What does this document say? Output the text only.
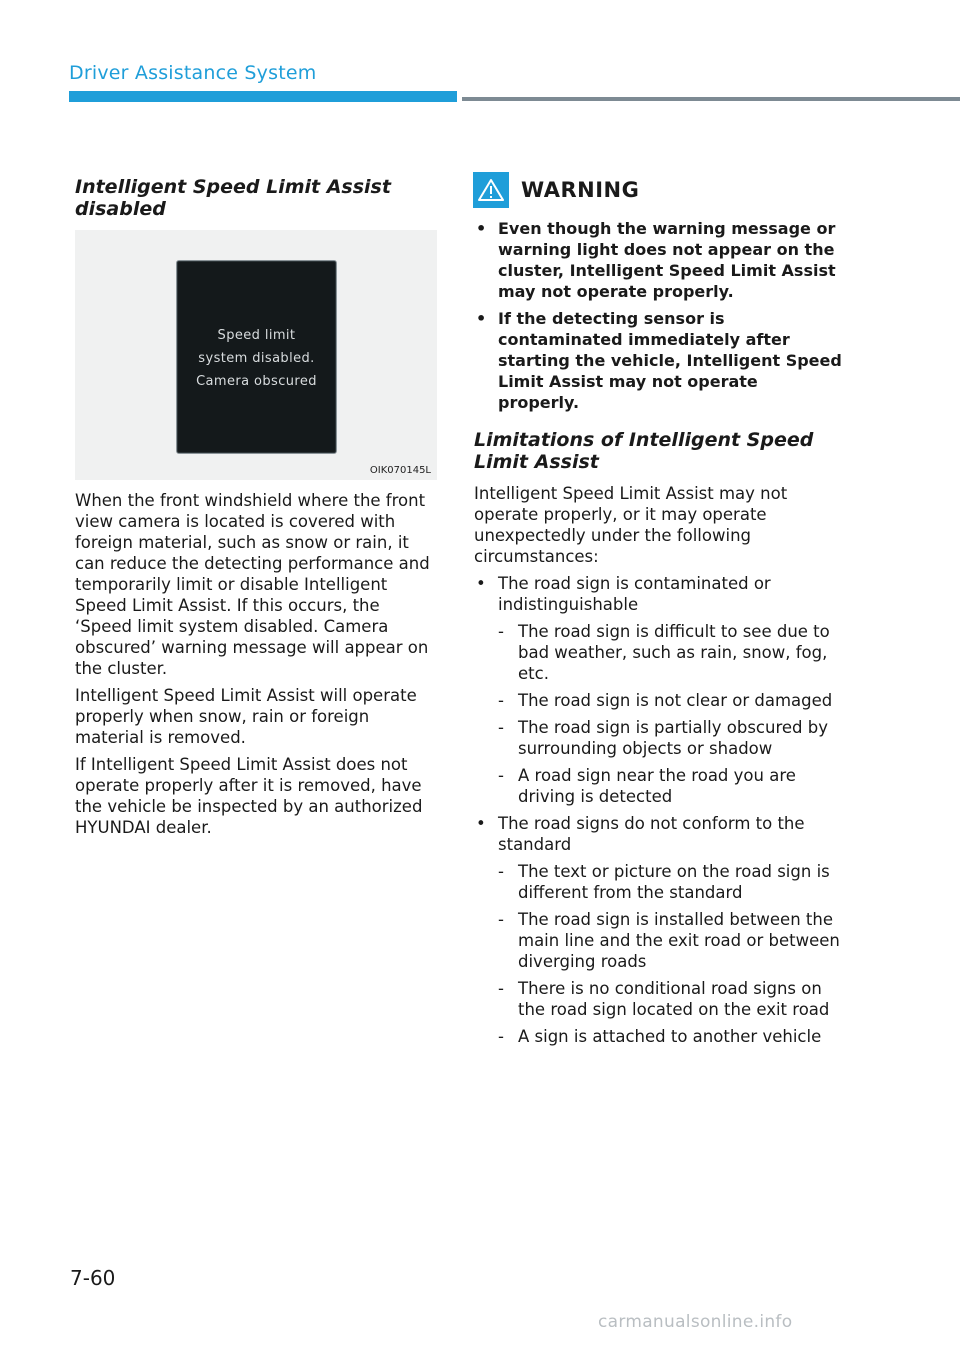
Driver Assistance System
Intelligent Speed Limit Assist disabled
Speed limit
system disabled.
Camera obscured
OIK070145L

When the front windshield where the front view camera is located is covered with foreign material, such as snow or rain, it can reduce the detecting performance and temporarily limit or disable Intelligent Speed Limit Assist. If this occurs, the ‘Speed limit system disabled. Camera obscured’ warning message will appear on the cluster.

Intelligent Speed Limit Assist will operate properly when snow, rain or foreign material is removed.

If Intelligent Speed Limit Assist does not operate properly after it is removed, have the vehicle be inspected by an authorized HYUNDAI dealer.

WARNING
• Even though the warning message or warning light does not appear on the cluster, Intelligent Speed Limit Assist may not operate properly.
• If the detecting sensor is contaminated immediately after starting the vehicle, Intelligent Speed Limit Assist may not operate properly.
Limitations of Intelligent Speed Limit Assist

Intelligent Speed Limit Assist may not operate properly, or it may operate unexpectedly under the following circumstances:

• The road sign is contaminated or indistinguishable
- The road sign is difficult to see due to bad weather, such as rain, snow, fog, etc.
- The road sign is not clear or damaged
- The road sign is partially obscured by surrounding objects or shadow
- A road sign near the road you are driving is detected
• The road signs do not conform to the standard
- The text or picture on the road sign is different from the standard
- The road sign is installed between the main line and the exit road or between diverging roads
- There is no conditional road signs on the road sign located on the exit road
- A sign is attached to another vehicle
7-60
carmanualsonline.info
